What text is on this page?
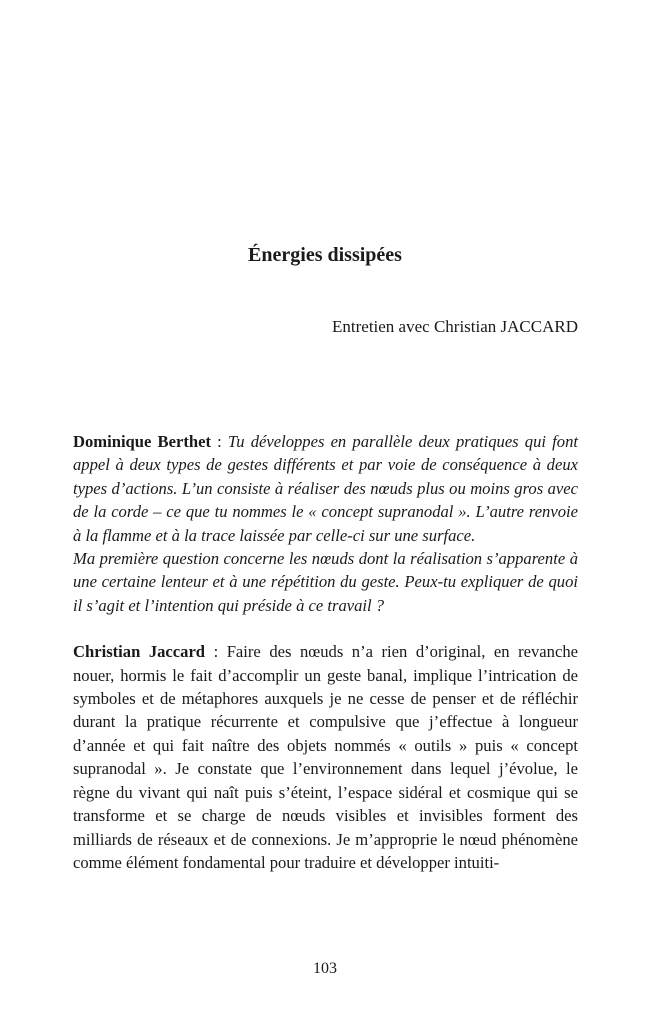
Énergies dissipées

Entretien avec Christian JACCARD

Dominique Berthet : Tu développes en parallèle deux pratiques qui font appel à deux types de gestes différents et par voie de conséquence à deux types d’actions. L’un consiste à réaliser des nœuds plus ou moins gros avec de la corde – ce que tu nommes le « concept supranodal ». L’autre renvoie à la flamme et à la trace laissée par celle-ci sur une surface.

Ma première question concerne les nœuds dont la réalisation s’apparente à une certaine lenteur et à une répétition du geste. Peux-tu expliquer de quoi il s’agit et l’intention qui préside à ce travail ?

Christian Jaccard : Faire des nœuds n’a rien d’original, en revanche nouer, hormis le fait d’accomplir un geste banal, implique l’intrication de symboles et de métaphores auxquels je ne cesse de penser et de réfléchir durant la pratique récurrente et compulsive que j’effectue à longueur d’année et qui fait naître des objets nommés « outils » puis « concept supranodal ». Je constate que l’environnement dans lequel j’évolue, le règne du vivant qui naît puis s’éteint, l’espace sidéral et cosmique qui se transforme et se charge de nœuds visibles et invisibles forment des milliards de réseaux et de connexions. Je m’approprie le nœud phénomène comme élément fondamental pour traduire et développer intuiti-

103
